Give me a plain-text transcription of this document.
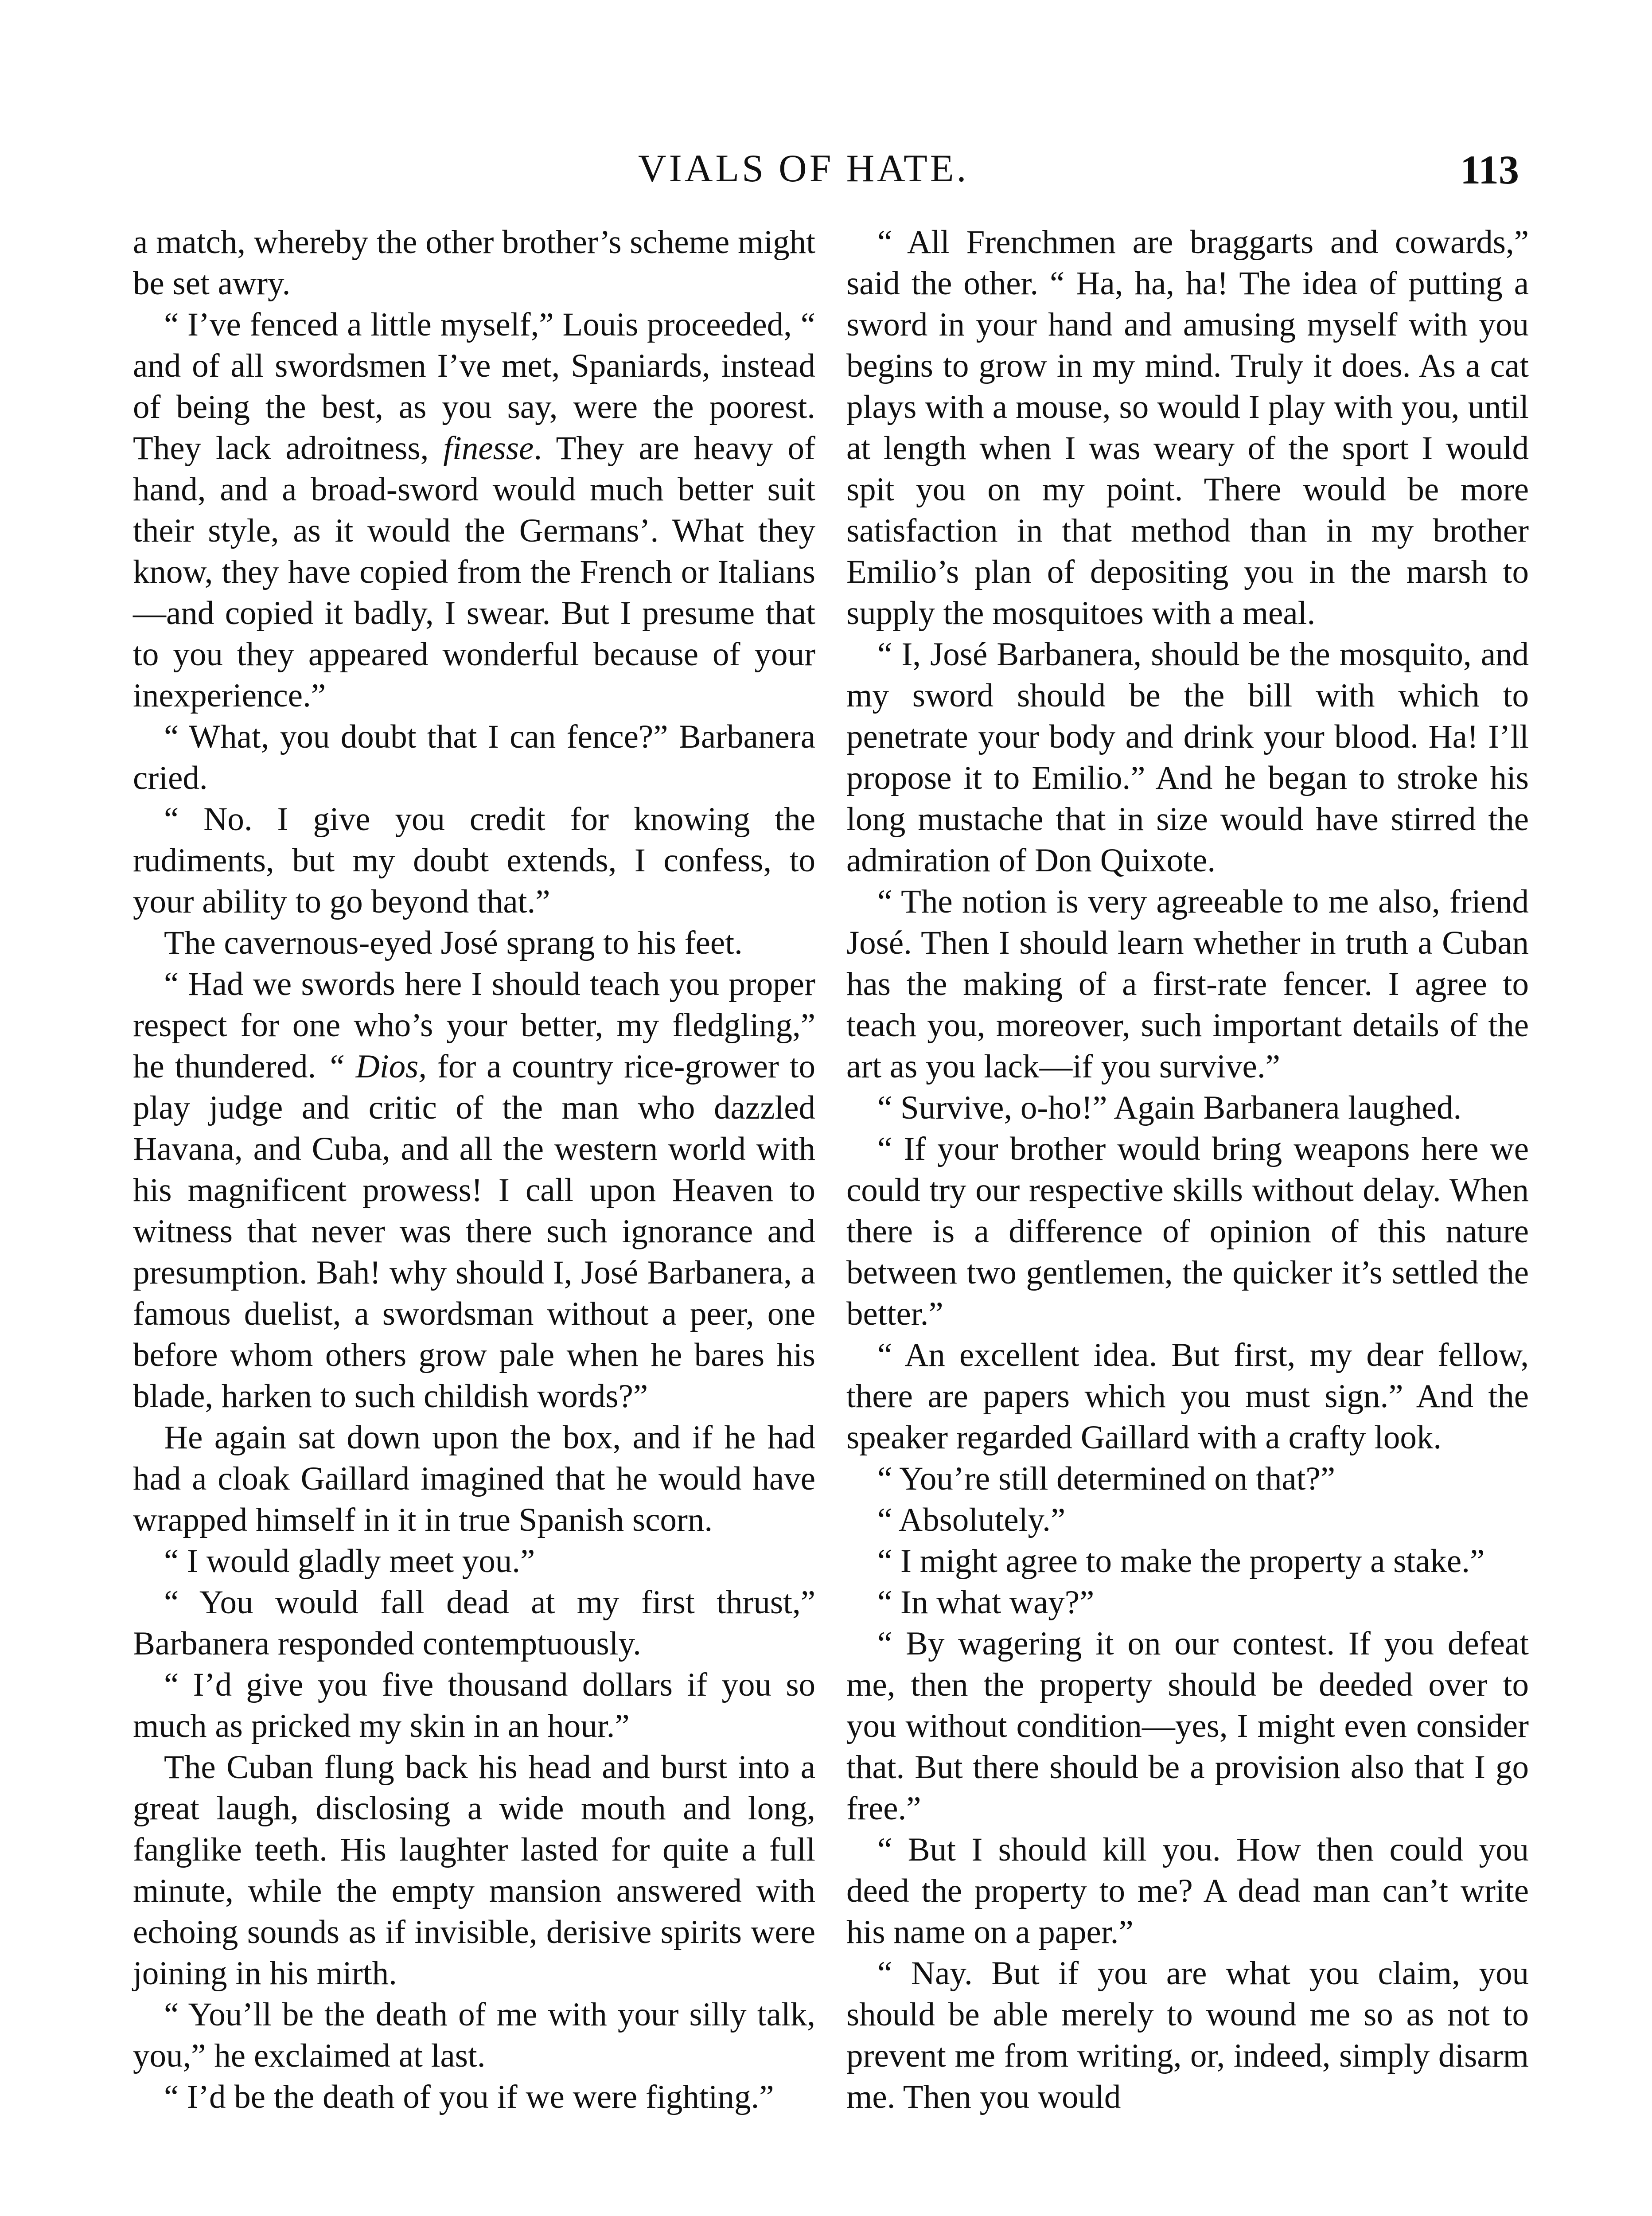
VIALS OF HATE.	113

a match, whereby the other brother’s scheme might be set awry.

“ I’ve fenced a little myself,” Louis proceeded, “ and of all swordsmen I’ve met, Spaniards, instead of being the best, as you say, were the poorest. They lack adroitness, finesse. They are heavy of hand, and a broad-sword would much better suit their style, as it would the Germans’. What they know, they have copied from the French or Italians—and copied it badly, I swear. But I presume that to you they appeared wonderful because of your inexperience.”

“ What, you doubt that I can fence?” Barbanera cried.

“ No. I give you credit for knowing the rudiments, but my doubt extends, I confess, to your ability to go beyond that.”

The cavernous-eyed José sprang to his feet.

“ Had we swords here I should teach you proper respect for one who’s your better, my fledgling,” he thundered. “ Dios, for a country rice-grower to play judge and critic of the man who dazzled Havana, and Cuba, and all the western world with his magnificent prowess! I call upon Heaven to witness that never was there such ignorance and presumption. Bah! why should I, José Barbanera, a famous duelist, a swordsman without a peer, one before whom others grow pale when he bares his blade, harken to such childish words?”

He again sat down upon the box, and if he had had a cloak Gaillard imagined that he would have wrapped himself in it in true Spanish scorn.

“ I would gladly meet you.”

“ You would fall dead at my first thrust,” Barbanera responded contemptuously.

“ I’d give you five thousand dollars if you so much as pricked my skin in an hour.”

The Cuban flung back his head and burst into a great laugh, disclosing a wide mouth and long, fanglike teeth. His laughter lasted for quite a full minute, while the empty mansion answered with echoing sounds as if invisible, derisive spirits were joining in his mirth.

“ You’ll be the death of me with your silly talk, you,” he exclaimed at last.

“ I’d be the death of you if we were fighting.”

“ All Frenchmen are braggarts and cowards,” said the other. “ Ha, ha, ha! The idea of putting a sword in your hand and amusing myself with you begins to grow in my mind. Truly it does. As a cat plays with a mouse, so would I play with you, until at length when I was weary of the sport I would spit you on my point. There would be more satisfaction in that method than in my brother Emilio’s plan of depositing you in the marsh to supply the mosquitoes with a meal.

“ I, José Barbanera, should be the mosquito, and my sword should be the bill with which to penetrate your body and drink your blood. Ha! I’ll propose it to Emilio.” And he began to stroke his long mustache that in size would have stirred the admiration of Don Quixote.

“ The notion is very agreeable to me also, friend José. Then I should learn whether in truth a Cuban has the making of a first-rate fencer. I agree to teach you, moreover, such important details of the art as you lack—if you survive.”

“ Survive, o-ho!” Again Barbanera laughed.

“ If your brother would bring weapons here we could try our respective skills without delay. When there is a difference of opinion of this nature between two gentlemen, the quicker it’s settled the better.”

“ An excellent idea. But first, my dear fellow, there are papers which you must sign.” And the speaker regarded Gaillard with a crafty look.

“ You’re still determined on that?”

“ Absolutely.”

“ I might agree to make the property a stake.”

“ In what way?”

“ By wagering it on our contest. If you defeat me, then the property should be deeded over to you without condition—yes, I might even consider that. But there should be a provision also that I go free.”

“ But I should kill you. How then could you deed the property to me? A dead man can’t write his name on a paper.”

“ Nay. But if you are what you claim, you should be able merely to wound me so as not to prevent me from writing, or, indeed, simply disarm me. Then you would
